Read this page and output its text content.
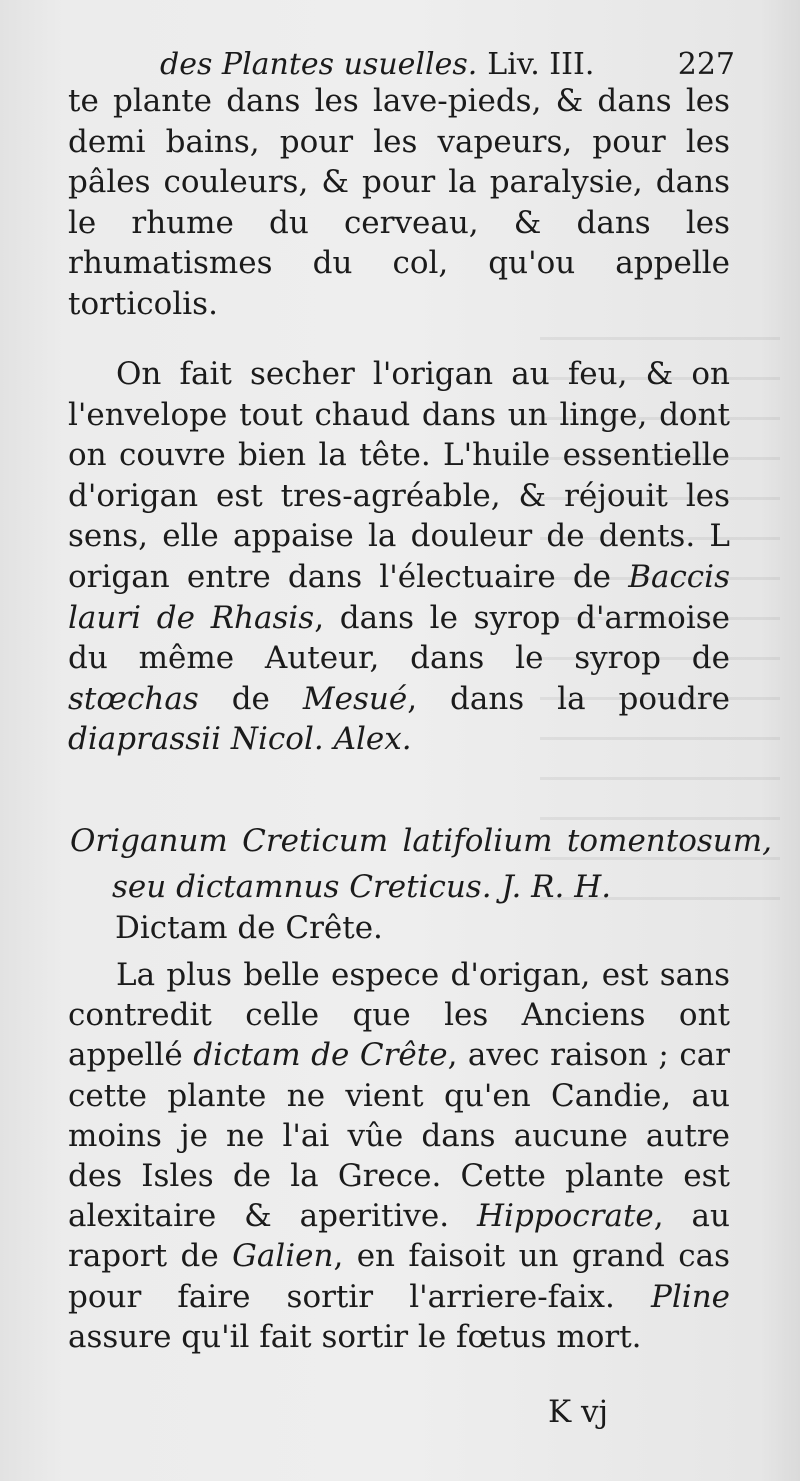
des Plantes usuelles. Liv. III.	227

te plante dans les lave-pieds, & dans les demi bains, pour les vapeurs, pour les pâles couleurs, & pour la paralysie, dans le rhume du cerveau, & dans les rhumatismes du col, qu'ou appelle torticolis.

On fait secher l'origan au feu, & on l'envelope tout chaud dans un linge, dont on couvre bien la tête. L'huile essentielle d'origan est tres-agréable, & réjouit les sens, elle appaise la douleur de dents. L origan entre dans l'électuaire de Baccis lauri de Rhasis, dans le syrop d'armoise du même Auteur, dans le syrop de stœchas de Mesué, dans la poudre diaprassii Nicol. Alex.

Origanum Creticum latifolium tomentosum, seu dictamnus Creticus. J. R. H.

Dictam de Crête.

La plus belle espece d'origan, est sans contredit celle que les Anciens ont appellé dictam de Crête, avec raison ; car cette plante ne vient qu'en Candie, au moins je ne l'ai vûe dans aucune autre des Isles de la Grece. Cette plante est alexitaire & aperitive. Hippocrate, au raport de Galien, en faisoit un grand cas pour faire sortir l'arriere-faix. Pline assure qu'il fait sortir le fœtus mort.

K vj
